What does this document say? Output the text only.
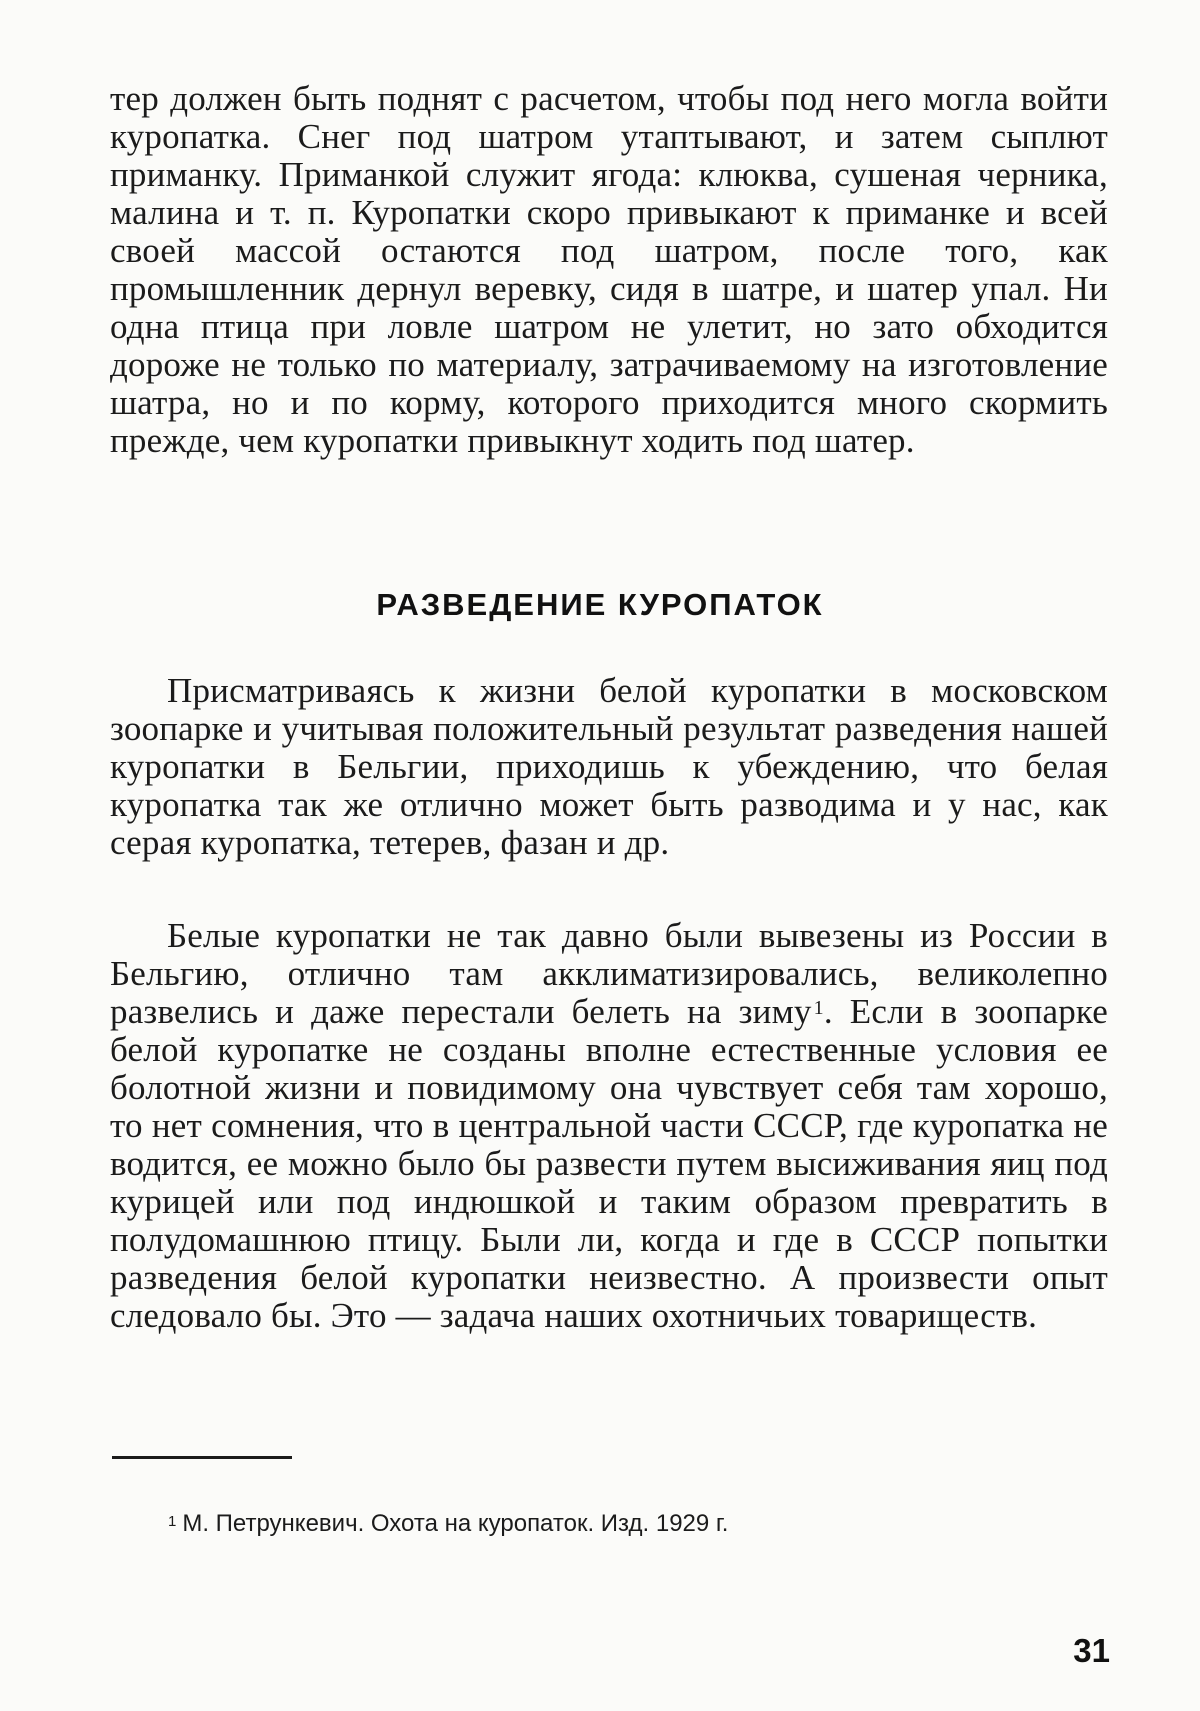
тер должен быть поднят с расчетом, чтобы под него могла войти куропатка. Снег под шатром утаптывают, и затем сыплют приманку. Приманкой служит ягода: клюква, сушеная черника, малина и т. п. Куропатки скоро привыкают к приманке и всей своей массой остаются под шатром, после того, как промышленник дернул веревку, сидя в шатре, и шатер упал. Ни одна птица при ловле шатром не улетит, но зато обходится дороже не только по материалу, затрачиваемому на изготовление шатра, но и по корму, которого приходится много скормить прежде, чем куропатки привыкнут ходить под шатер.

РАЗВЕДЕНИЕ КУРОПАТОК

Присматриваясь к жизни белой куропатки в московском зоопарке и учитывая положительный результат разведения нашей куропатки в Бельгии, приходишь к убеждению, что белая куропатка так же отлично может быть разводима и у нас, как серая куропатка, тетерев, фазан и др.

Белые куропатки не так давно были вывезены из России в Бельгию, отлично там акклиматизировались, великолепно развелись и даже перестали белеть на зиму $^1$. Если в зоопарке белой куропатке не созданы вполне естественные условия ее болотной жизни и повидимому она чувствует себя там хорошо, то нет сомнения, что в центральной части СССР, где куропатка не водится, ее можно было бы развести путем высиживания яиц под курицей или под индюшкой и таким образом превратить в полудомашнюю птицу. Были ли, когда и где в СССР попытки разведения белой куропатки неизвестно. А произвести опыт следовало бы. Это — задача наших охотничьих товариществ.

$^1$ М. Петрункевич. Охота на куропаток. Изд. 1929 г.

31
